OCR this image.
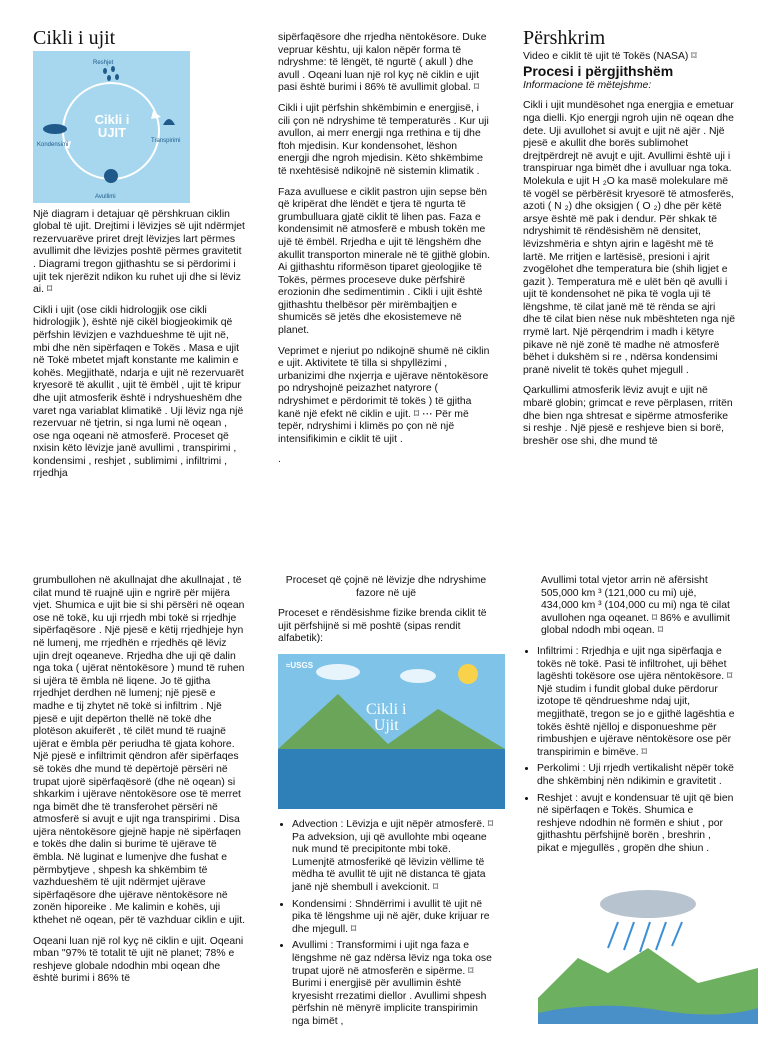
Cikli i ujit
Reshjet
Kondensimi
Transpirimi
Avullimi
Cikli i
UJIT

Një diagram i detajuar që përshkruan ciklin global të ujit. Drejtimi i lëvizjes së ujit ndërmjet rezervuarëve priret drejt lëvizjes lart përmes avullimit dhe lëvizjes poshtë përmes gravitetit . Diagrami tregon gjithashtu se si përdorimi i ujit tek njerëzit ndikon ku ruhet uji dhe si lëviz ai. ⌑

Cikli i ujit (ose cikli hidrologjik ose cikli hidrologjik ), është një cikël biogjeokimik që përfshin lëvizjen e vazhdueshme të ujit në, mbi dhe nën sipërfaqen e Tokës . Masa e ujit në Tokë mbetet mjaft konstante me kalimin e kohës. Megjithatë, ndarja e ujit në rezervuarët kryesorë të akullit , ujit të ëmbël , ujit të kripur dhe ujit atmosferik është i ndryshueshëm dhe varet nga variablat klimatikë . Uji lëviz nga një rezervuar në tjetrin, si nga lumi në oqean , ose nga oqeani në atmosferë. Proceset që nxisin këto lëvizje janë avullimi , transpirimi , kondensimi , reshjet , sublimimi , infiltrimi , rrjedhja

sipërfaqësore dhe rrjedha nëntokësore. Duke vepruar kështu, uji kalon nëpër forma të ndryshme: të lëngët, të ngurtë ( akull ) dhe avull . Oqeani luan një rol kyç në ciklin e ujit pasi është burimi i 86% të avullimit global. ⌑

Cikli i ujit përfshin shkëmbimin e energjisë, i cili çon në ndryshime të temperaturës . Kur uji avullon, ai merr energji nga rrethina e tij dhe ftoh mjedisin. Kur kondensohet, lëshon energji dhe ngroh mjedisin. Këto shkëmbime të nxehtësisë ndikojnë në sistemin klimatik .

Faza avulluese e ciklit pastron ujin sepse bën që kripërat dhe lëndët e tjera të ngurta të grumbulluara gjatë ciklit të lihen pas. Faza e kondensimit në atmosferë e mbush tokën me ujë të ëmbël. Rrjedha e ujit të lëngshëm dhe akullit transporton minerale në të gjithë globin. Ai gjithashtu riformëson tiparet gjeologjike të Tokës, përmes proceseve duke përfshirë erozionin dhe sedimentimin . Cikli i ujit është gjithashtu thelbësor për mirëmbajtjen e shumicës së jetës dhe ekosistemeve në planet.

Veprimet e njeriut po ndikojnë shumë në ciklin e ujit. Aktivitete të tilla si shpyllëzimi , urbanizimi dhe nxjerrja e ujërave nëntokësore po ndryshojnë peizazhet natyrore ( ndryshimet e përdorimit të tokës ) të gjitha kanë një efekt në ciklin e ujit. ⌑ ⋯ Për më tepër, ndryshimi i klimës po çon në një intensifikimin e ciklit të ujit .

.

Përshkrim

Video e ciklit të ujit të Tokës (NASA) ⌑

Procesi i përgjithshëm

Informacione të mëtejshme:

Cikli i ujit mundësohet nga energjia e emetuar nga dielli. Kjo energji ngroh ujin në oqean dhe dete. Uji avullohet si avujt e ujit në ajër . Një pjesë e akullit dhe borës sublimohet drejtpërdrejt në avujt e ujit. Avullimi është uji i transpiruar nga bimët dhe i avulluar nga toka. Molekula e ujit H ₂O ka masë molekulare më të vogël se përbërësit kryesorë të atmosferës, azoti ( N ₂) dhe oksigjen ( O ₂) dhe për këtë arsye është më pak i dendur. Për shkak të ndryshimit të rëndësishëm në densitet, lëvizshmëria e shtyn ajrin e lagësht më të lartë. Me rritjen e lartësisë, presioni i ajrit zvogëlohet dhe temperatura bie (shih ligjet e gazit ). Temperatura më e ulët bën që avulli i ujit të kondensohet në pika të vogla uji të lëngshme, të cilat janë më të rënda se ajri dhe të cilat bien nëse nuk mbështeten nga një rrymë lart. Një përqendrim i madh i këtyre pikave në një zonë të madhe në atmosferë bëhet i dukshëm si re , ndërsa kondensimi pranë nivelit të tokës quhet mjegull .

Qarkullimi atmosferik lëviz avujt e ujit në mbarë globin; grimcat e reve përplasen, rritën dhe bien nga shtresat e sipërme atmosferike si reshje . Një pjesë e reshjeve bien si borë, breshër ose shi, dhe mund të

grumbullohen në akullnajat dhe akullnajat , të cilat mund të ruajnë ujin e ngrirë për mijëra vjet. Shumica e ujit bie si shi përsëri në oqean ose në tokë, ku uji rrjedh mbi tokë si rrjedhje sipërfaqësore . Një pjesë e këtij rrjedhjeje hyn në lumenj, me rrjedhën e rrjedhës që lëviz ujin drejt oqeaneve. Rrjedha dhe uji që dalin nga toka ( ujërat nëntokësore ) mund të ruhen si ujëra të ëmbla në liqene. Jo të gjitha rrjedhjet derdhen në lumenj; një pjesë e madhe e tij zhytet në tokë si infiltrim . Një pjesë e ujit depërton thellë në tokë dhe plotëson akuiferët , të cilët mund të ruajnë ujërat e ëmbla për periudha të gjata kohore. Një pjesë e infiltrimit qëndron afër sipërfaqes së tokës dhe mund të depërtojë përsëri në trupat ujorë sipërfaqësorë (dhe në oqean) si shkarkim i ujërave nëntokësore ose të merret nga bimët dhe të transferohet përsëri në atmosferë si avujt e ujit nga transpirimi . Disa ujëra nëntokësore gjejnë hapje në sipërfaqen e tokës dhe dalin si burime të ujërave të ëmbla. Në luginat e lumenjve dhe fushat e përmbytjeve , shpesh ka shkëmbim të vazhdueshëm të ujit ndërmjet ujërave sipërfaqësore dhe ujërave nëntokësore në zonën hiporeike . Me kalimin e kohës, uji kthehet në oqean, për të vazhduar ciklin e ujit.

Oqeani luan një rol kyç në ciklin e ujit. Oqeani mban "97% të totalit të ujit në planet; 78% e reshjeve globale ndodhin mbi oqean dhe është burimi i 86% të

Proceset që çojnë në lëvizje dhe ndryshime fazore në ujë

Proceset e rëndësishme fizike brenda ciklit të ujit përfshijnë si më poshtë (sipas rendit alfabetik):

≈USGS
Cikli i
Ujit
• Advection : Lëvizja e ujit nëpër atmosferë. ⌑ Pa adveksion, uji që avullohte mbi oqeane nuk mund të precipitonte mbi tokë. Lumenjtë atmosferikë që lëvizin vëllime të mëdha të avullit të ujit në distanca të gjata janë një shembull i avekcionit. ⌑
• Kondensimi : Shndërrimi i avullit të ujit në pika të lëngshme uji në ajër, duke krijuar re dhe mjegull. ⌑
• Avullimi : Transformimi i ujit nga faza e lëngshme në gaz ndërsa lëviz nga toka ose trupat ujorë në atmosferën e sipërme. ⌑ Burimi i energjisë për avullimin është kryesisht rrezatimi diellor . Avullimi shpesh përfshin në mënyrë implicite transpirimin nga bimët ,

Avullimi total vjetor arrin në afërsisht 505,000 km ³ (121,000 cu mi) ujë, 434,000 km ³ (104,000 cu mi) nga të cilat avullohen nga oqeanet. ⌑ 86% e avullimit global ndodh mbi oqean. ⌑

• Infiltrimi : Rrjedhja e ujit nga sipërfaqja e tokës në tokë. Pasi të infiltrohet, uji bëhet lagështi tokësore ose ujëra nëntokësore. ⌑ Një studim i fundit global duke përdorur izotope të qëndrueshme ndaj ujit, megjithatë, tregon se jo e gjithë lagështia e tokës është njëlloj e disponueshme për rimbushjen e ujërave nëntokësore ose për transpirimin e bimëve. ⌑
• Perkolimi : Uji rrjedh vertikalisht nëpër tokë dhe shkëmbinj nën ndikimin e gravitetit .
• Reshjet : avujt e kondensuar të ujit që bien në sipërfaqen e Tokës. Shumica e reshjeve ndodhin në formën e shiut , por gjithashtu përfshijnë borën , breshrin , pikat e mjegullës , gropën dhe shiun .
